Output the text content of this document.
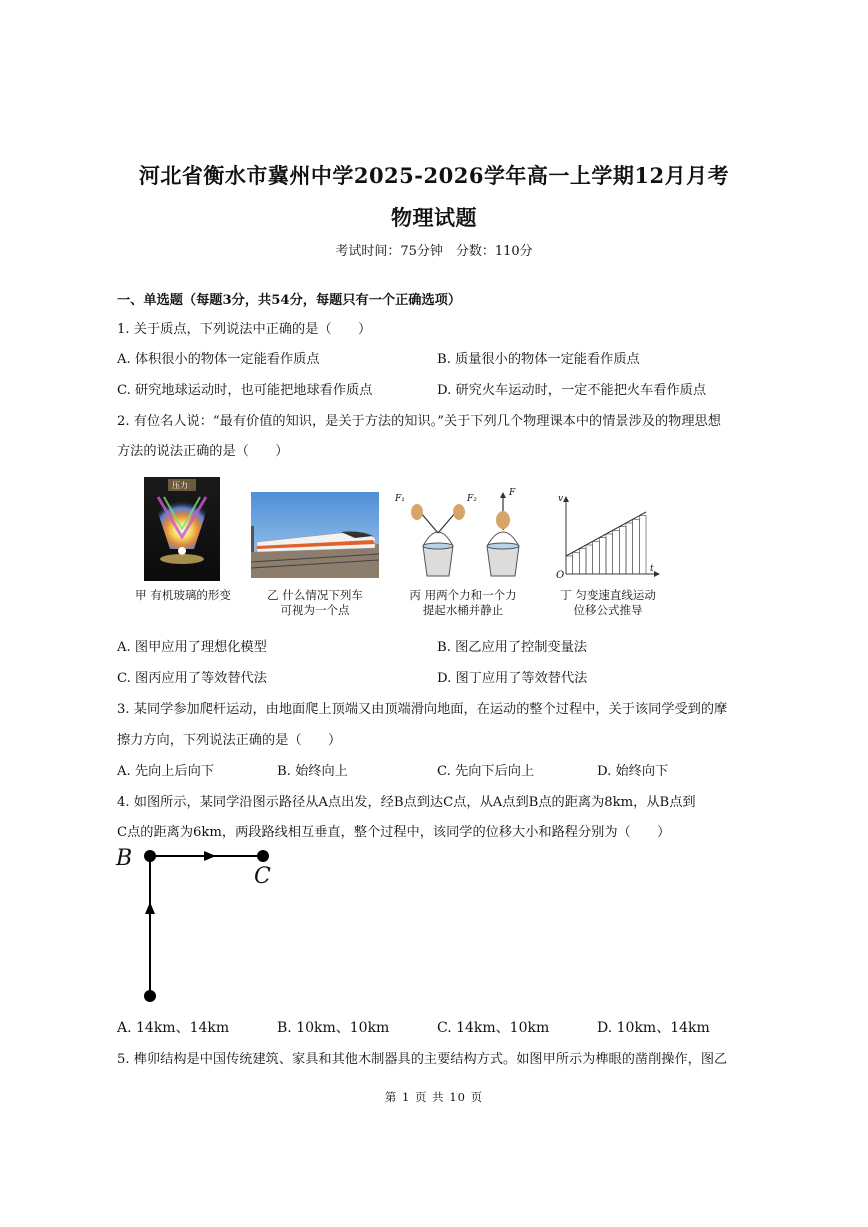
河北省衡水市冀州中学2025-2026学年高一上学期12月月考
物理试题
考试时间：75分钟　分数：110分
一、单选题（每题3分，共54分，每题只有一个正确选项）
1. 关于质点，下列说法中正确的是（　　）
A. 体积很小的物体一定能看作质点	B. 质量很小的物体一定能看作质点
C. 研究地球运动时，也可能把地球看作质点	D. 研究火车运动时，一定不能把火车看作质点
2. 有位名人说：“最有价值的知识，是关于方法的知识。”关于下列几个物理课本中的情景涉及的物理思想
方法的说法正确的是（　　）
压力
甲 有机玻璃的形变	乙 什么情况下列车
可视为一个点
F₁	F₂
F
丙 用两个力和一个力
提起水桶并静止
v
t
O
丁 匀变速直线运动
位移公式推导
A. 图甲应用了理想化模型	B. 图乙应用了控制变量法
C. 图丙应用了等效替代法	D. 图丁应用了等效替代法
3. 某同学参加爬杆运动，由地面爬上顶端又由顶端滑向地面，在运动的整个过程中，关于该同学受到的摩
擦力方向，下列说法正确的是（　　）
A. 先向上后向下	B. 始终向上	C. 先向下后向上	D. 始终向下
4. 如图所示，某同学沿图示路径从A点出发，经B点到达C点，从A点到B点的距离为8km，从B点到
C点的距离为6km，两段路线相互垂直，整个过程中，该同学的位移大小和路程分别为（　　）
B
C
A. 14km、14km	B. 10km、10km	C. 14km、10km	D. 10km、14km
5. 榫卯结构是中国传统建筑、家具和其他木制器具的主要结构方式。如图甲所示为榫眼的凿削操作，图乙
第 1 页 共 10 页
